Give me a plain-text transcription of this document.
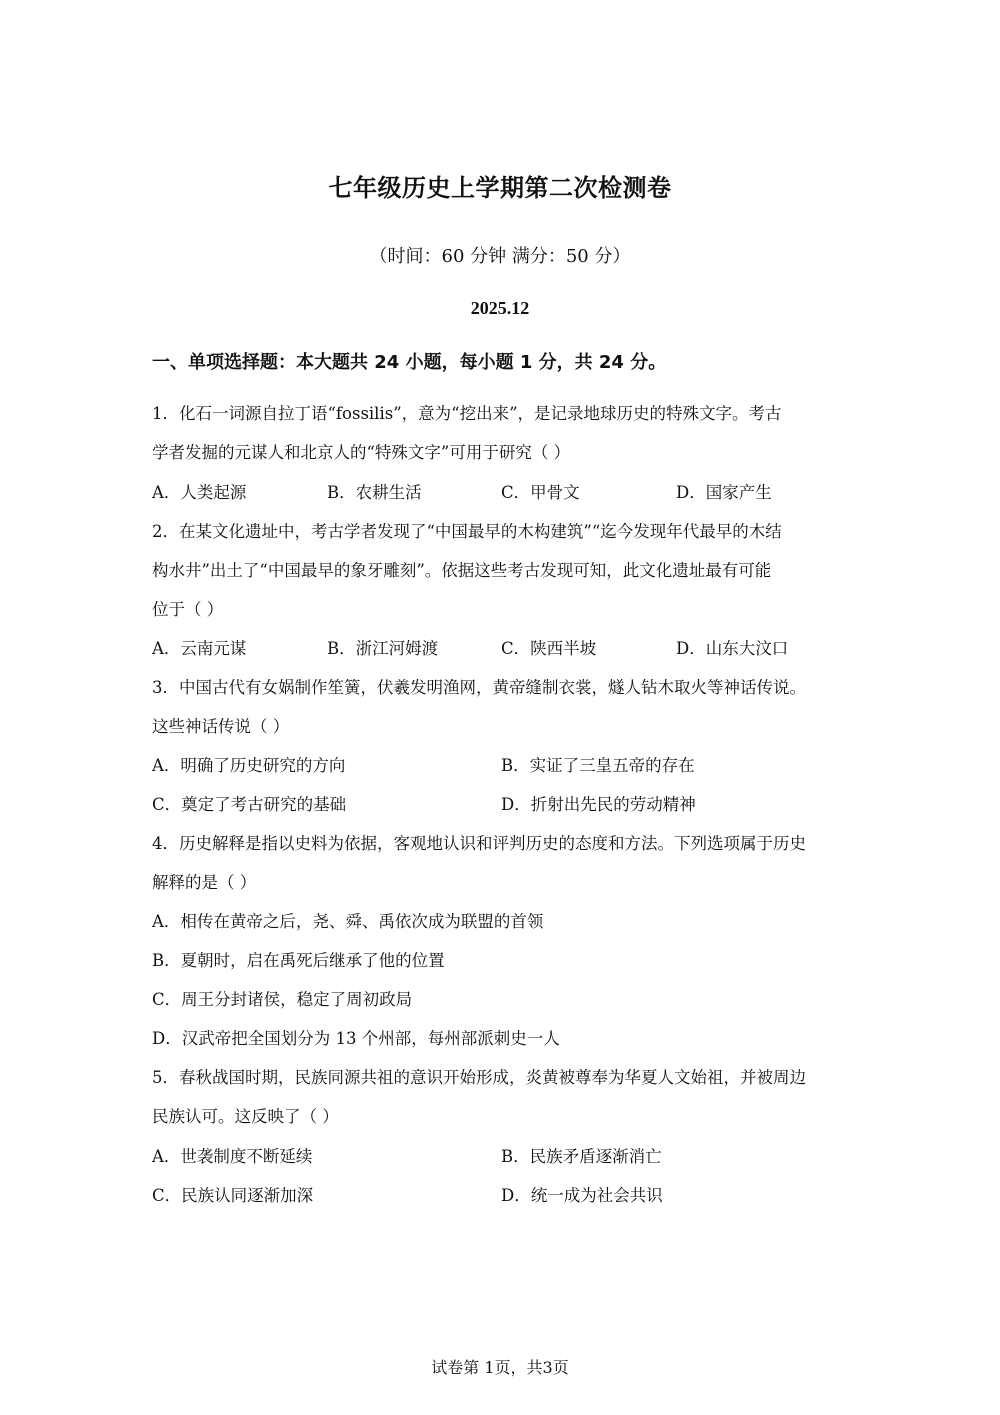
七年级历史上学期第二次检测卷
（时间：60 分钟 满分：50 分）
2025.12
一、单项选择题：本大题共 24 小题，每小题 1 分，共 24 分。
1．化石一词源自拉丁语“fossilis”，意为“挖出来”，是记录地球历史的特殊文字。考古
学者发掘的元谋人和北京人的“特殊文字”可用于研究（ ）
A．人类起源	B．农耕生活	C．甲骨文	D．国家产生
2．在某文化遗址中，考古学者发现了“中国最早的木构建筑”“迄今发现年代最早的木结
构水井”出土了“中国最早的象牙雕刻”。依据这些考古发现可知，此文化遗址最有可能
位于（ ）
A．云南元谋	B．浙江河姆渡	C．陕西半坡	D．山东大汶口
3．中国古代有女娲制作笙簧，伏羲发明渔网，黄帝缝制衣裳，燧人钻木取火等神话传说。
这些神话传说（ ）
A．明确了历史研究的方向	B．实证了三皇五帝的存在
C．奠定了考古研究的基础	D．折射出先民的劳动精神
4．历史解释是指以史料为依据，客观地认识和评判历史的态度和方法。下列选项属于历史
解释的是（ ）
A．相传在黄帝之后，尧、舜、禹依次成为联盟的首领
B．夏朝时，启在禹死后继承了他的位置
C．周王分封诸侯，稳定了周初政局
D．汉武帝把全国划分为 13 个州部，每州部派刺史一人
5．春秋战国时期，民族同源共祖的意识开始形成，炎黄被尊奉为华夏人文始祖，并被周边
民族认可。这反映了（ ）
A．世袭制度不断延续	B．民族矛盾逐渐消亡
C．民族认同逐渐加深	D．统一成为社会共识
试卷第 1页，共3页
